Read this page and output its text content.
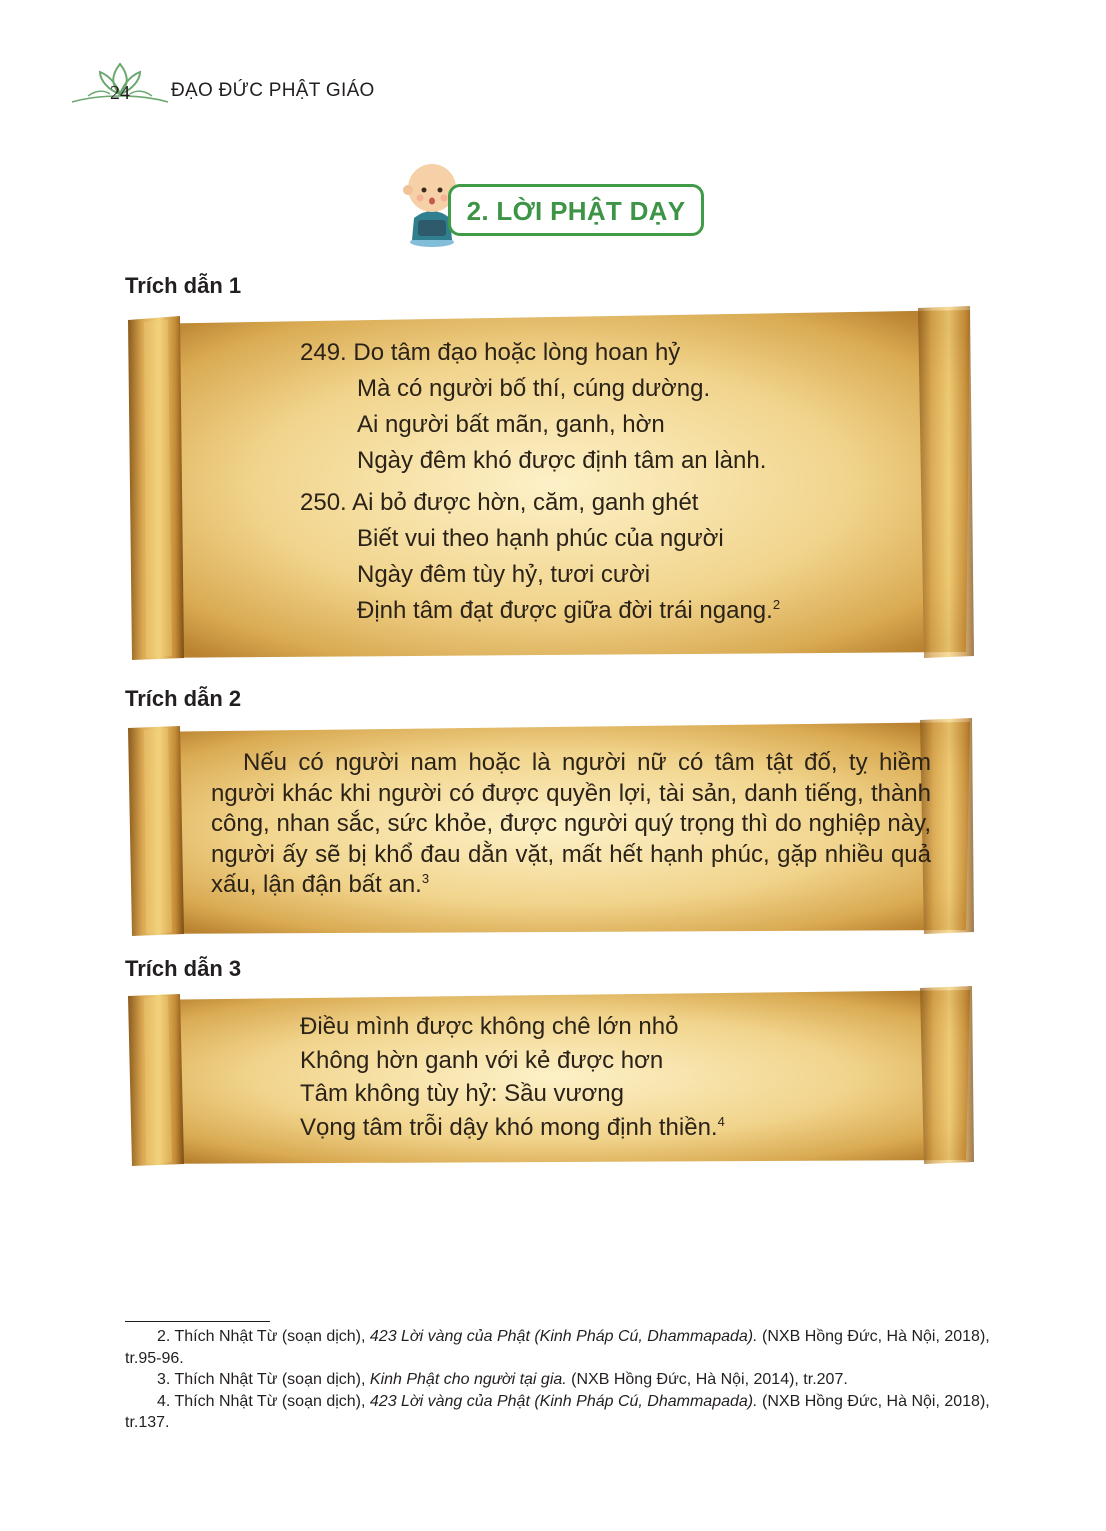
24	ĐẠO ĐỨC PHẬT GIÁO
2. LỜI PHẬT DẠY
Trích dẫn 1
249. Do tâm đạo hoặc lòng hoan hỷ
Mà có người bố thí, cúng dường.
Ai người bất mãn, ganh, hờn
Ngày đêm khó được định tâm an lành.
250. Ai bỏ được hờn, căm, ganh ghét
Biết vui theo hạnh phúc của người
Ngày đêm tùy hỷ, tươi cười
Định tâm đạt được giữa đời trái ngang.$^2$
Trích dẫn 2
Nếu có người nam hoặc là người nữ có tâm tật đố, tỵ hiềm người khác khi người có được quyền lợi, tài sản, danh tiếng, thành công, nhan sắc, sức khỏe, được người quý trọng thì do nghiệp này, người ấy sẽ bị khổ đau dằn vặt, mất hết hạnh phúc, gặp nhiều quả xấu, lận đận bất an.$^3$
Trích dẫn 3
Điều mình được không chê lớn nhỏ
Không hờn ganh với kẻ được hơn
Tâm không tùy hỷ: Sầu vương
Vọng tâm trỗi dậy khó mong định thiền.$^4$
2. Thích Nhật Từ (soạn dịch), 423 Lời vàng của Phật (Kinh Pháp Cú, Dhammapada). (NXB Hồng Đức, Hà Nội, 2018), tr.95-96.
3. Thích Nhật Từ (soạn dịch), Kinh Phật cho người tại gia. (NXB Hồng Đức, Hà Nội, 2014), tr.207.
4. Thích Nhật Từ (soạn dịch), 423 Lời vàng của Phật (Kinh Pháp Cú, Dhammapada). (NXB Hồng Đức, Hà Nội, 2018), tr.137.
